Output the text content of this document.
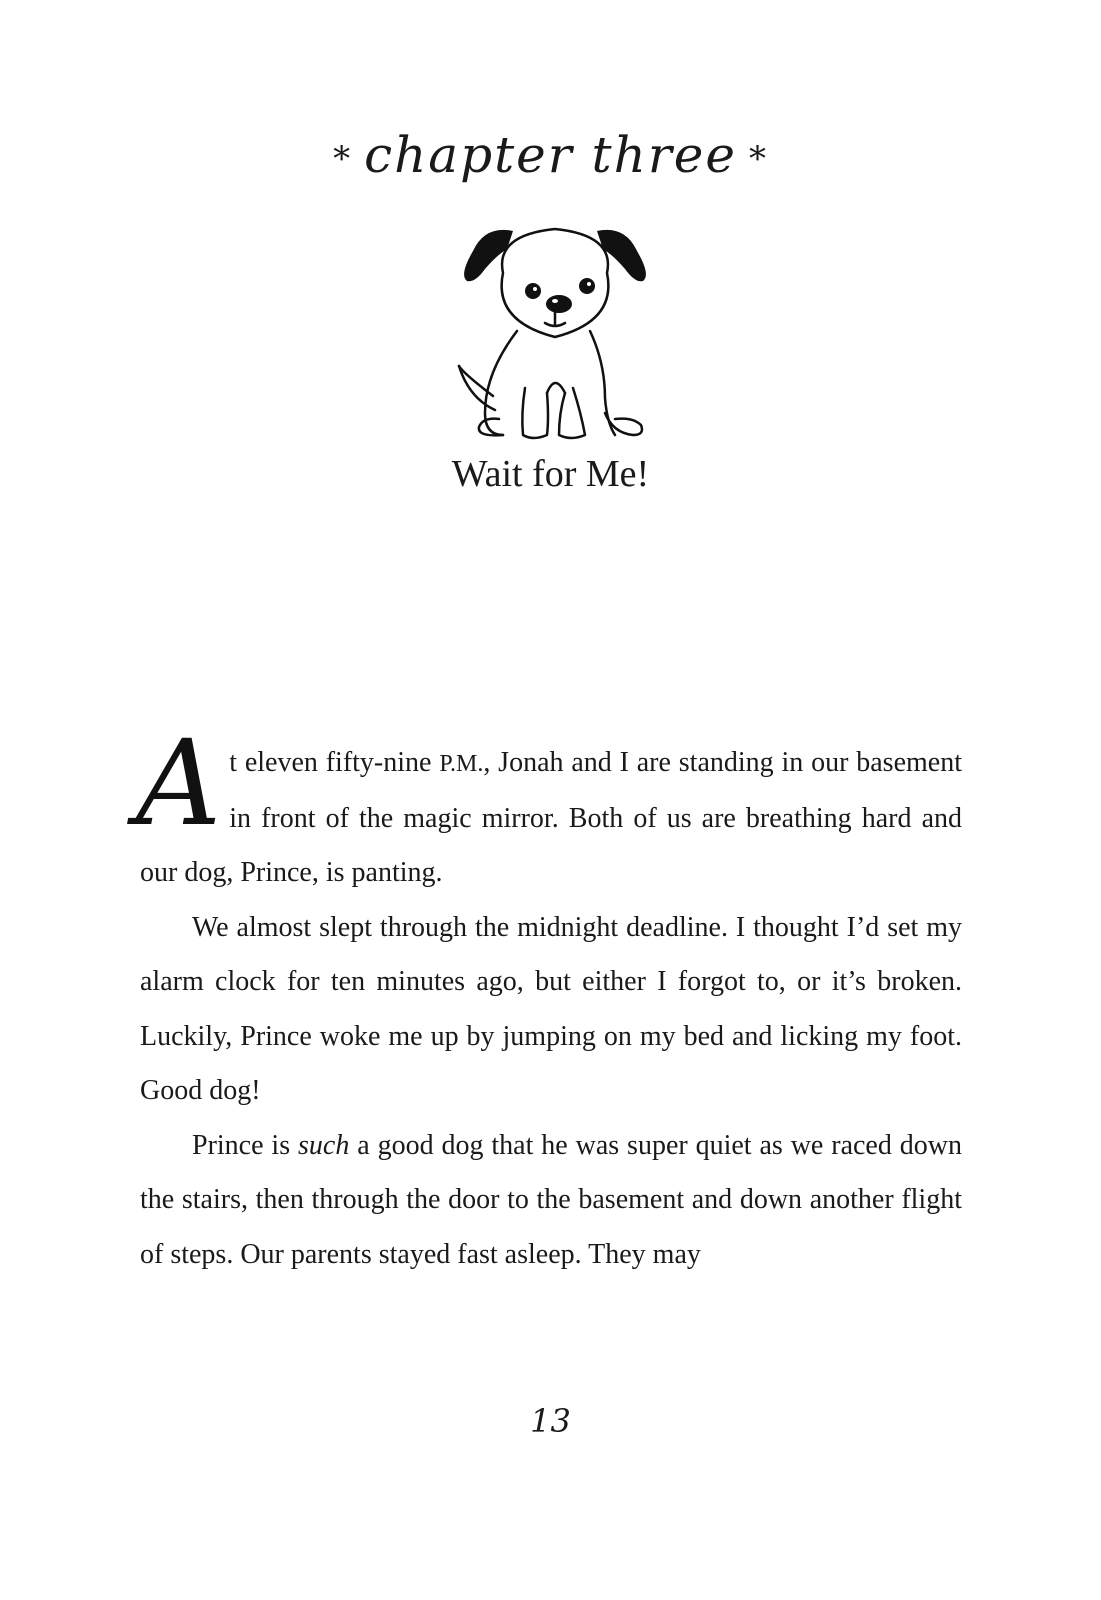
* chapter three *
Wait for Me!

At eleven fifty-nine P.M., Jonah and I are standing in our basement in front of the magic mirror. Both of us are breathing hard and our dog, Prince, is panting.

We almost slept through the midnight deadline. I thought I’d set my alarm clock for ten minutes ago, but either I forgot to, or it’s broken. Luckily, Prince woke me up by jumping on my bed and licking my foot. Good dog!

Prince is such a good dog that he was super quiet as we raced down the stairs, then through the door to the basement and down another flight of steps. Our parents stayed fast asleep. They may

13
